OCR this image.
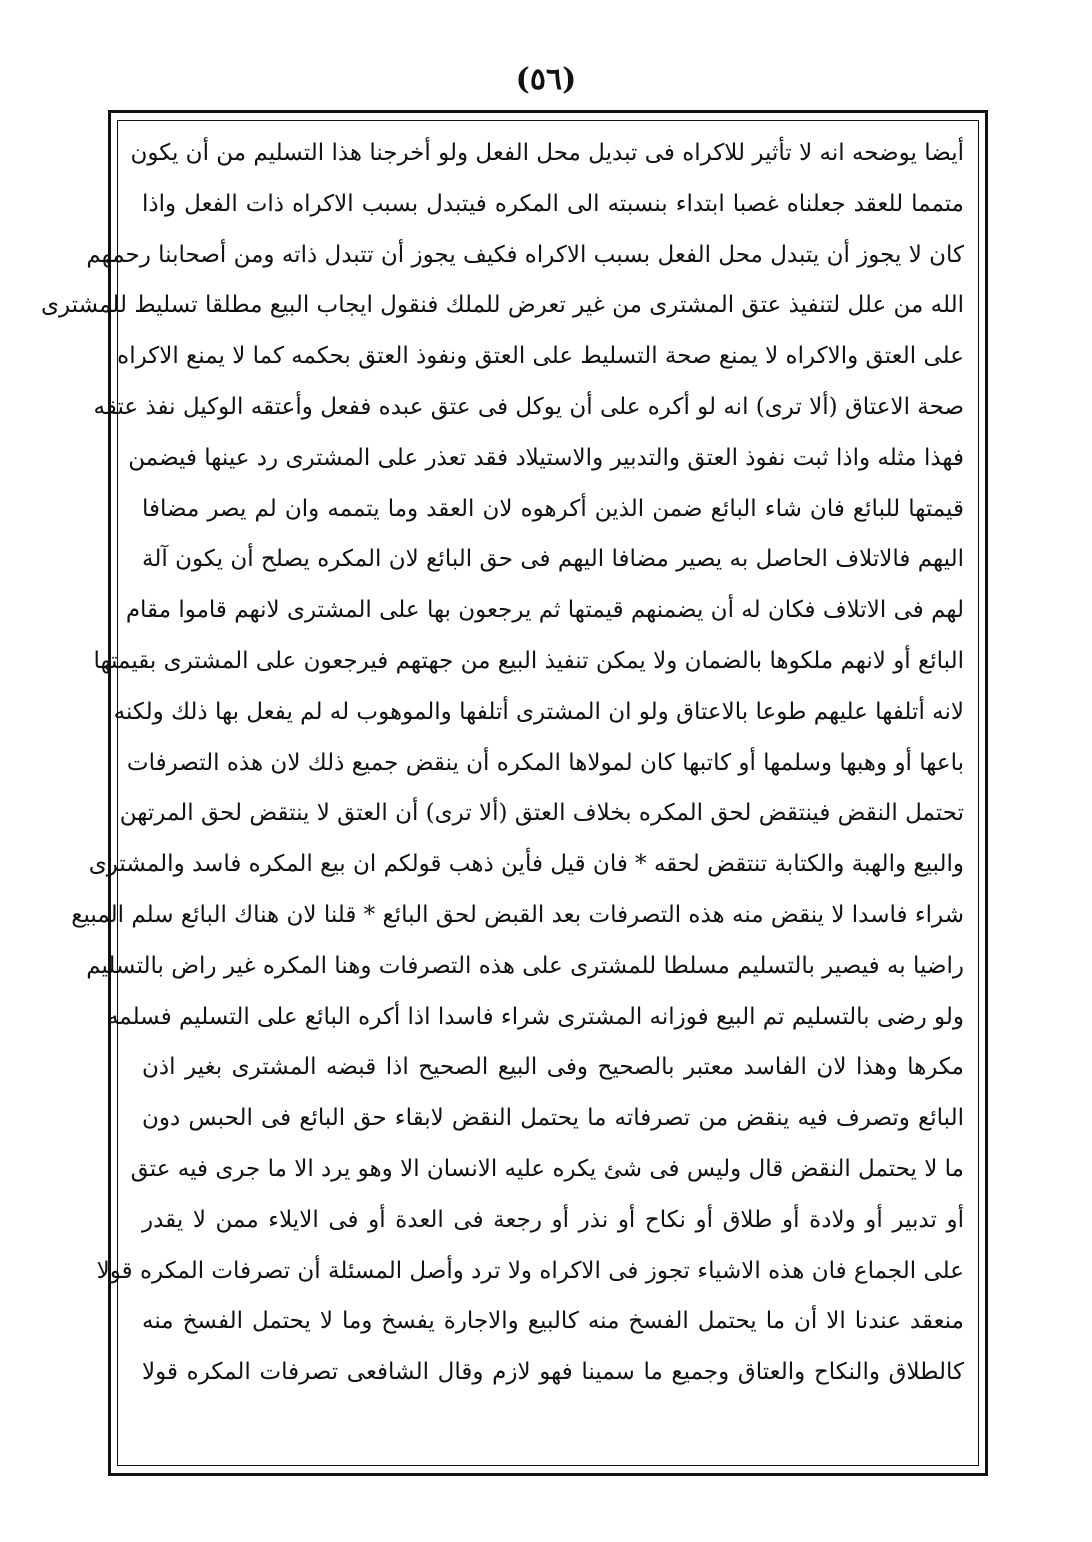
(٥٦)
أيضا يوضحه انه لا تأثير للاكراه فى تبديل محل الفعل ولو أخرجنا هذا التسليم من أن يكون
متمما للعقد جعلناه غصبا ابتداء بنسبته الى المكره فيتبدل بسبب الاكراه ذات الفعل واذا
كان لا يجوز أن يتبدل محل الفعل بسبب الاكراه فكيف يجوز أن تتبدل ذاته ومن أصحابنا رحمهم
الله من علل لتنفيذ عتق المشترى من غير تعرض للملك فنقول ايجاب البيع مطلقا تسليط للمشترى
على العتق والاكراه لا يمنع صحة التسليط على العتق ونفوذ العتق بحكمه كما لا يمنع الاكراه
صحة الاعتاق (ألا ترى) انه لو أكره على أن يوكل فى عتق عبده ففعل وأعتقه الوكيل نفذ عتقه
فهذا مثله واذا ثبت نفوذ العتق والتدبير والاستيلاد فقد تعذر على المشترى رد عينها فيضمن
قيمتها للبائع فان شاء البائع ضمن الذين أكرهوه لان العقد وما يتممه وان لم يصر مضافا
اليهم فالاتلاف الحاصل به يصير مضافا اليهم فى حق البائع لان المكره يصلح أن يكون آلة
لهم فى الاتلاف فكان له أن يضمنهم قيمتها ثم يرجعون بها على المشترى لانهم قاموا مقام
البائع أو لانهم ملكوها بالضمان ولا يمكن تنفيذ البيع من جهتهم فيرجعون على المشترى بقيمتها
لانه أتلفها عليهم طوعا بالاعتاق ولو ان المشترى أتلفها والموهوب له لم يفعل بها ذلك ولكنه
باعها أو وهبها وسلمها أو كاتبها كان لمولاها المكره أن ينقض جميع ذلك لان هذه التصرفات
تحتمل النقض فينتقض لحق المكره بخلاف العتق (ألا ترى) أن العتق لا ينتقض لحق المرتهن
والبيع والهبة والكتابة تنتقض لحقه * فان قيل فأين ذهب قولكم ان بيع المكره فاسد والمشترى
شراء فاسدا لا ينقض منه هذه التصرفات بعد القبض لحق البائع * قلنا لان هناك البائع سلم المبيع
راضيا به فيصير بالتسليم مسلطا للمشترى على هذه التصرفات وهنا المكره غير راض بالتسليم
ولو رضى بالتسليم تم البيع فوزانه المشترى شراء فاسدا اذا أكره البائع على التسليم فسلمه
مكرها وهذا لان الفاسد معتبر بالصحيح وفى البيع الصحيح اذا قبضه المشترى بغير اذن
البائع وتصرف فيه ينقض من تصرفاته ما يحتمل النقض لابقاء حق البائع فى الحبس دون
ما لا يحتمل النقض قال وليس فى شئ يكره عليه الانسان الا وهو يرد الا ما جرى فيه عتق
أو تدبير أو ولادة أو طلاق أو نكاح أو نذر أو رجعة فى العدة أو فى الايلاء ممن لا يقدر
على الجماع فان هذه الاشياء تجوز فى الاكراه ولا ترد وأصل المسئلة أن تصرفات المكره قولا
منعقد عندنا الا أن ما يحتمل الفسخ منه كالبيع والاجارة يفسخ وما لا يحتمل الفسخ منه
كالطلاق والنكاح والعتاق وجميع ما سمينا فهو لازم وقال الشافعى تصرفات المكره قولا
